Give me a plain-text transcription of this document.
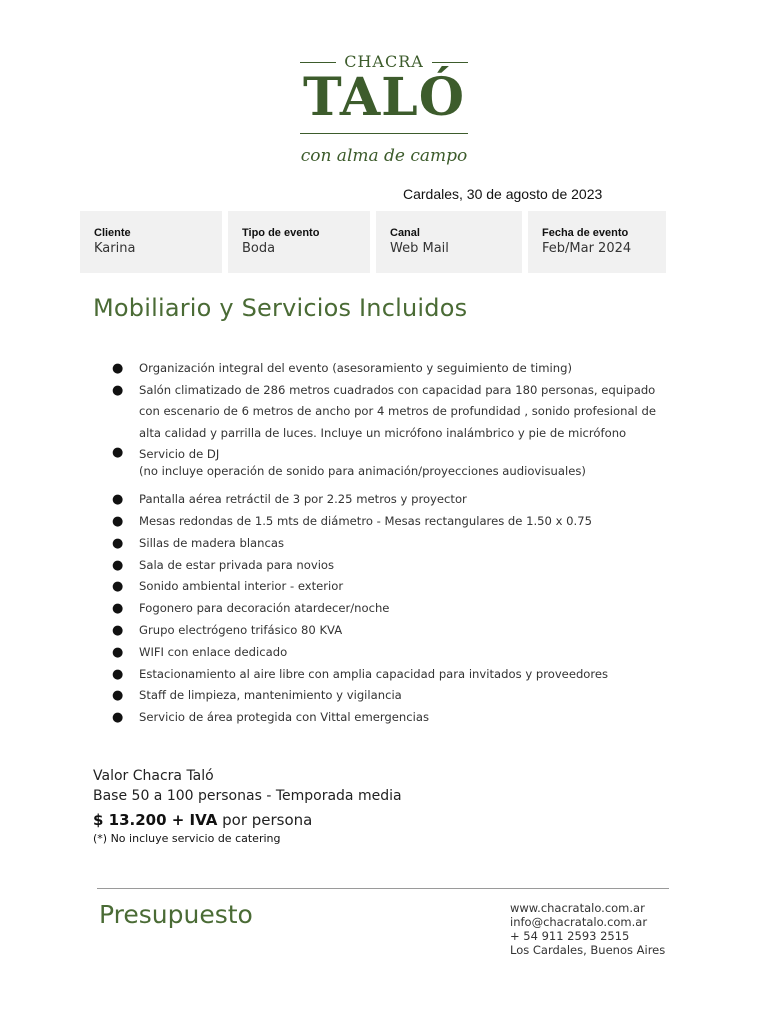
CHACRA
TALÓ
con alma de campo
Cardales, 30 de agosto de 2023
Cliente
Karina
Tipo de evento
Boda
Canal
Web Mail
Fecha de evento
Feb/Mar 2024
Mobiliario y Servicios Incluidos
● Organización integral del evento (asesoramiento y seguimiento de timing)
● Salón climatizado de 286 metros cuadrados con capacidad para 180 personas, equipado con escenario de 6 metros de ancho por 4 metros de profundidad , sonido profesional de alta calidad y parrilla de luces. Incluye un micrófono inalámbrico y pie de micrófono
● Servicio de DJ
(no incluye operación de sonido para animación/proyecciones audiovisuales)
● Pantalla aérea retráctil de 3 por 2.25 metros y proyector
● Mesas redondas de 1.5 mts de diámetro - Mesas rectangulares de 1.50 x 0.75
● Sillas de madera blancas
● Sala de estar privada para novios
● Sonido ambiental interior - exterior
● Fogonero para decoración atardecer/noche
● Grupo electrógeno trifásico 80 KVA
● WIFI con enlace dedicado
● Estacionamiento al aire libre con amplia capacidad para invitados y proveedores
● Staff de limpieza, mantenimiento y vigilancia
● Servicio de área protegida con Vittal emergencias
Valor Chacra Taló
Base 50 a 100 personas - Temporada media
$ 13.200 + IVA por persona
(*) No incluye servicio de catering
Presupuesto	www.chacratalo.com.ar
info@chacratalo.com.ar
+ 54 911 2593 2515
Los Cardales, Buenos Aires
